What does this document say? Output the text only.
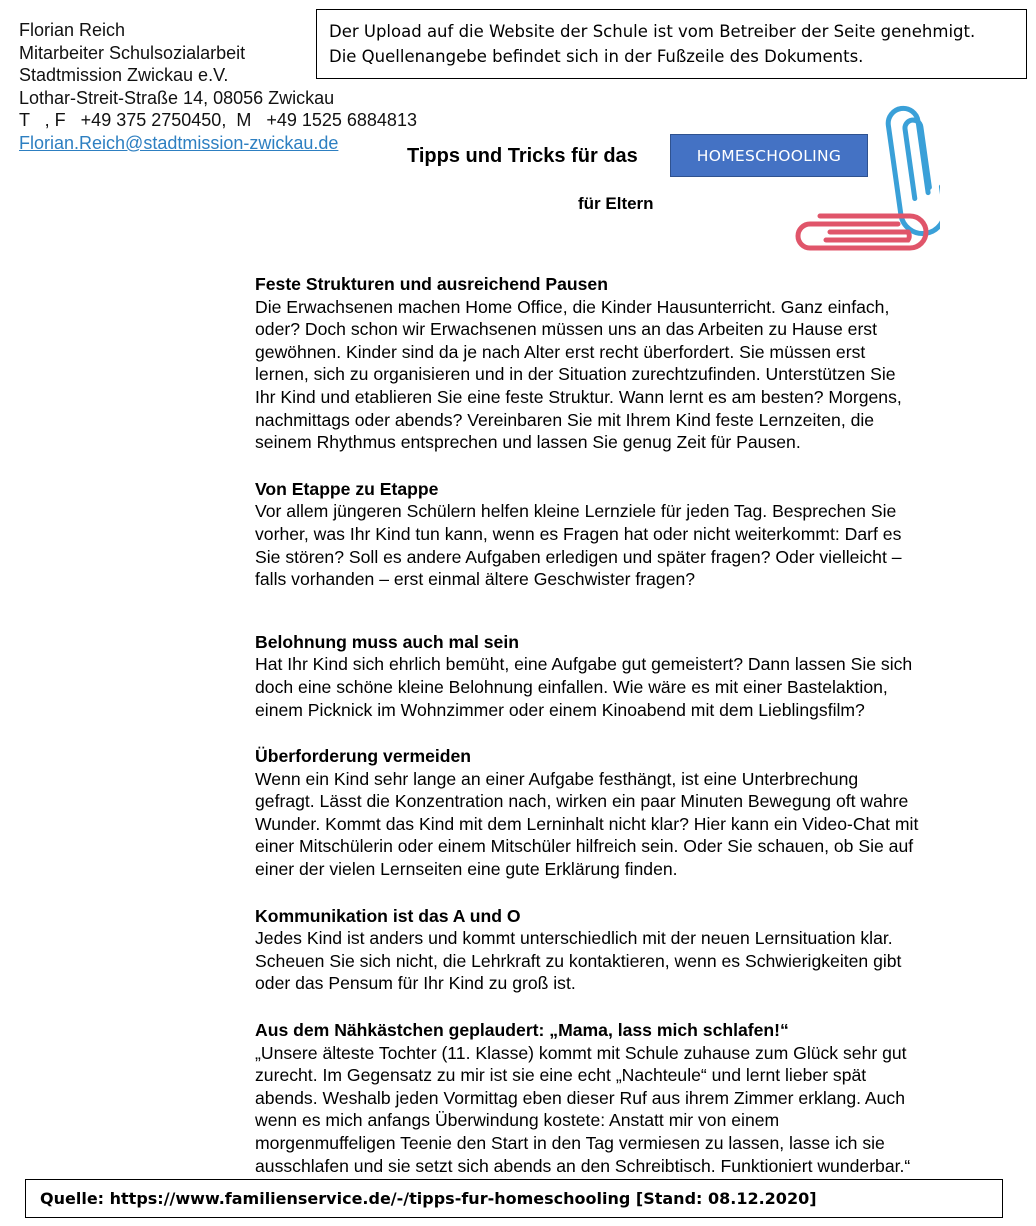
Florian Reich
Mitarbeiter Schulsozialarbeit
Stadtmission Zwickau e.V.
Lothar-Streit-Straße 14, 08056 Zwickau
T   , F   +49 375 2750450,  M   +49 1525 6884813
Florian.Reich@stadtmission-zwickau.de
Der Upload auf die Website der Schule ist vom Betreiber der Seite genehmigt.
Die Quellenangebe befindet sich in der Fußzeile des Dokuments.
Tipps und Tricks für das	HOMESCHOOLING
für Eltern
Feste Strukturen und ausreichend Pausen
Die Erwachsenen machen Home Office, die Kinder Hausunterricht. Ganz einfach,
oder? Doch schon wir Erwachsenen müssen uns an das Arbeiten zu Hause erst
gewöhnen. Kinder sind da je nach Alter erst recht überfordert. Sie müssen erst
lernen, sich zu organisieren und in der Situation zurechtzufinden. Unterstützen Sie
Ihr Kind und etablieren Sie eine feste Struktur. Wann lernt es am besten? Morgens,
nachmittags oder abends? Vereinbaren Sie mit Ihrem Kind feste Lernzeiten, die
seinem Rhythmus entsprechen und lassen Sie genug Zeit für Pausen.
Von Etappe zu Etappe
Vor allem jüngeren Schülern helfen kleine Lernziele für jeden Tag. Besprechen Sie
vorher, was Ihr Kind tun kann, wenn es Fragen hat oder nicht weiterkommt: Darf es
Sie stören? Soll es andere Aufgaben erledigen und später fragen? Oder vielleicht –
falls vorhanden – erst einmal ältere Geschwister fragen?
Belohnung muss auch mal sein
Hat Ihr Kind sich ehrlich bemüht, eine Aufgabe gut gemeistert? Dann lassen Sie sich
doch eine schöne kleine Belohnung einfallen. Wie wäre es mit einer Bastelaktion,
einem Picknick im Wohnzimmer oder einem Kinoabend mit dem Lieblingsfilm?
Überforderung vermeiden
Wenn ein Kind sehr lange an einer Aufgabe festhängt, ist eine Unterbrechung
gefragt. Lässt die Konzentration nach, wirken ein paar Minuten Bewegung oft wahre
Wunder. Kommt das Kind mit dem Lerninhalt nicht klar? Hier kann ein Video-Chat mit
einer Mitschülerin oder einem Mitschüler hilfreich sein. Oder Sie schauen, ob Sie auf
einer der vielen Lernseiten eine gute Erklärung finden.
Kommunikation ist das A und O
Jedes Kind ist anders und kommt unterschiedlich mit der neuen Lernsituation klar.
Scheuen Sie sich nicht, die Lehrkraft zu kontaktieren, wenn es Schwierigkeiten gibt
oder das Pensum für Ihr Kind zu groß ist.
Aus dem Nähkästchen geplaudert: „Mama, lass mich schlafen!“
„Unsere älteste Tochter (11. Klasse) kommt mit Schule zuhause zum Glück sehr gut
zurecht. Im Gegensatz zu mir ist sie eine echt „Nachteule“ und lernt lieber spät
abends. Weshalb jeden Vormittag eben dieser Ruf aus ihrem Zimmer erklang. Auch
wenn es mich anfangs Überwindung kostete: Anstatt mir von einem
morgenmuffeligen Teenie den Start in den Tag vermiesen zu lassen, lasse ich sie
ausschlafen und sie setzt sich abends an den Schreibtisch. Funktioniert wunderbar.“
Quelle: https://www.familienservice.de/-/tipps-fur-homeschooling [Stand: 08.12.2020]
